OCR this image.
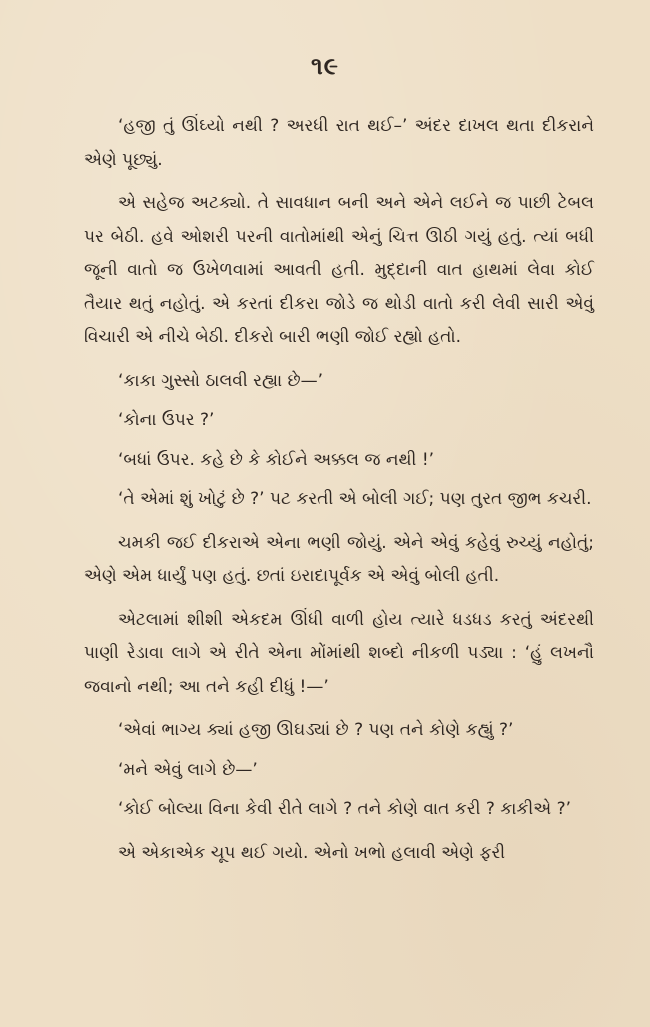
૧૯

‘હજી તું ઊંઘ્યો નથી ? અરધી રાત થઈ–’ અંદર દાખલ થતા દીકરાને એણે પૂછ્યું.

એ સહેજ અટક્યો. તે સાવધાન બની અને એને લઈને જ પાછી ટેબલ પર બેઠી. હવે ઓશરી પરની વાતોમાંથી એનું ચિત્ત ઊઠી ગયું હતું. ત્યાં બધી જૂની વાતો જ ઉખેળવામાં આવતી હતી. મુદ્દાની વાત હાથમાં લેવા કોઈ તૈયાર થતું નહોતું. એ કરતાં દીકરા જોડે જ થોડી વાતો કરી લેવી સારી એવું વિચારી એ નીચે બેઠી. દીકરો બારી ભણી જોઈ રહ્યો હતો.

‘કાકા ગુસ્સો ઠાલવી રહ્યા છે—’

‘કોના ઉપર ?’

‘બધાં ઉપર. કહે છે કે કોઈને અક્કલ જ નથી !’

‘તે એમાં શું ખોટું છે ?’ પટ કરતી એ બોલી ગઈ; પણ તુરત જીભ કચરી.

ચમકી જઈ દીકરાએ એના ભણી જોયું. એને એવું કહેવું રુચ્યું નહોતું; એણે એમ ધાર્યું પણ હતું. છતાં ઇરાદાપૂર્વક એ એવું બોલી હતી.

એટલામાં શીશી એકદમ ઊંધી વાળી હોય ત્યારે ધડધડ કરતું અંદરથી પાણી રેડાવા લાગે એ રીતે એના મોંમાંથી શબ્દો નીકળી પડ્યા : ‘હું લખનૌ જવાનો નથી; આ તને કહી દીધું !—’

‘એવાં ભાગ્ય ક્યાં હજી ઊઘડ્યાં છે ? પણ તને કોણે કહ્યું ?’

‘મને એવું લાગે છે—’

‘કોઈ બોલ્યા વિના કેવી રીતે લાગે ? તને કોણે વાત કરી ? કાકીએ ?’

એ એકાએક ચૂપ થઈ ગયો. એનો ખભો હલાવી એણે ફરી
